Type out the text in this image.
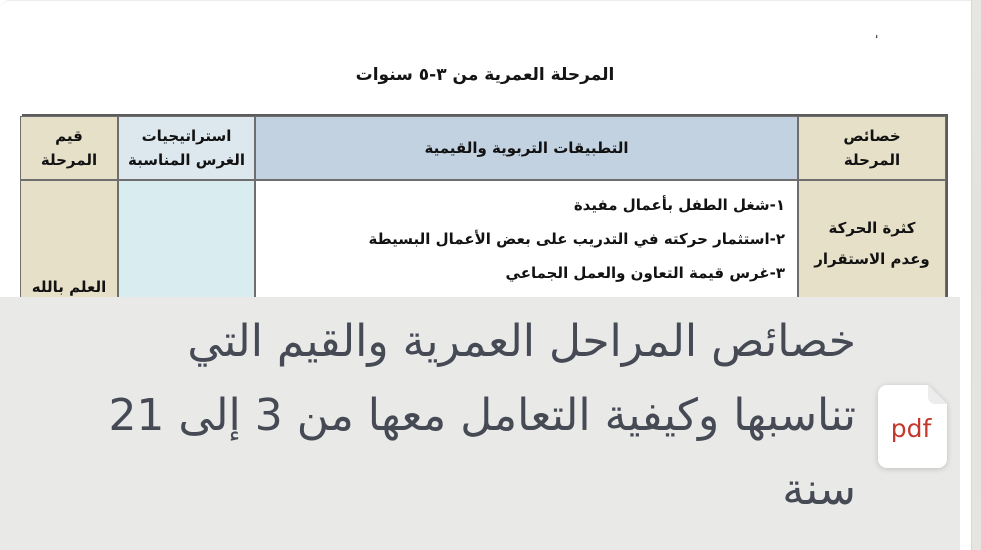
،
المرحلة العمرية من ٣-٥ سنوات
خصائص
المرحلة
التطبيقات التربوية والقيمية
استراتيجيات
الغرس المناسبة
قيم
المرحلة
كثرة الحركة
وعدم الاستقرار
١-شغل الطفل بأعمال مفيدة
٢-استثمار حركته في التدريب على بعض الأعمال البسيطة
٣-غرس قيمة التعاون والعمل الجماعي
العلم بالله
خصائص المراحل العمرية والقيم التي
تناسبها وكيفية التعامل معها من 3 إلى 21
سنة
pdf
